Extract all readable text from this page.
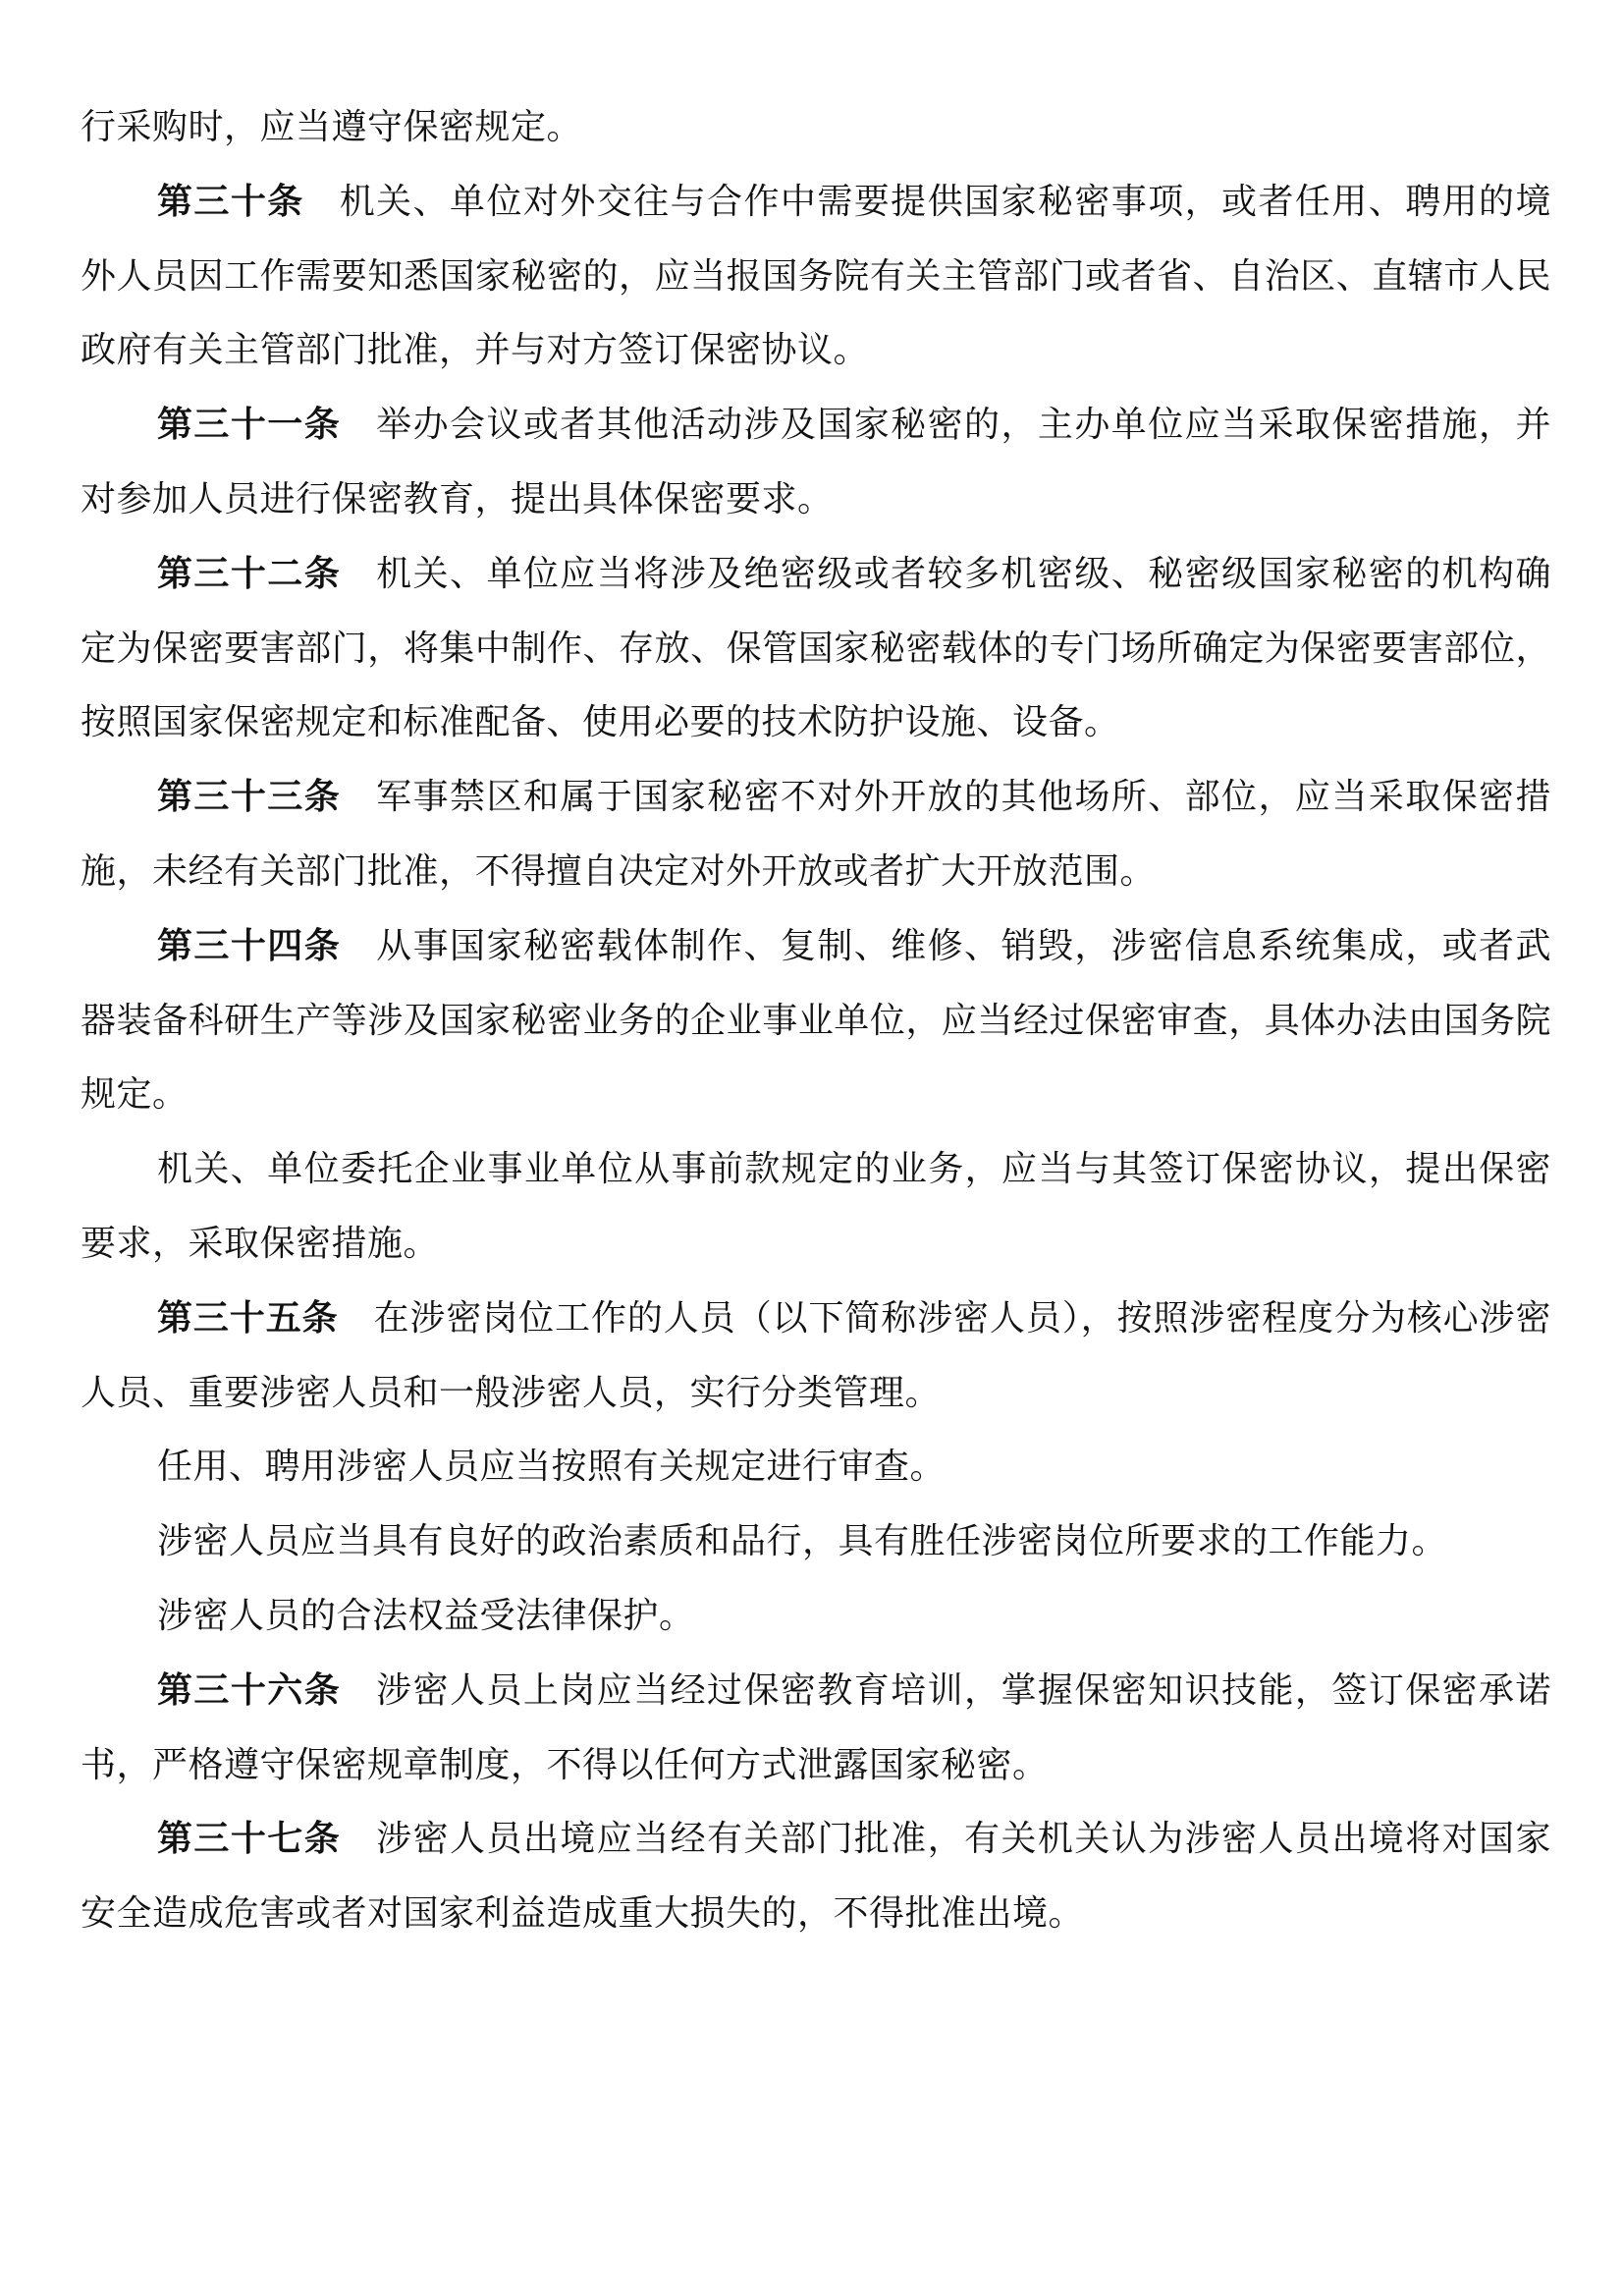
行采购时，应当遵守保密规定。

第三十条 机关、单位对外交往与合作中需要提供国家秘密事项，或者任用、聘用的境外人员因工作需要知悉国家秘密的，应当报国务院有关主管部门或者省、自治区、直辖市人民政府有关主管部门批准，并与对方签订保密协议。

第三十一条 举办会议或者其他活动涉及国家秘密的，主办单位应当采取保密措施，并对参加人员进行保密教育，提出具体保密要求。

第三十二条 机关、单位应当将涉及绝密级或者较多机密级、秘密级国家秘密的机构确定为保密要害部门，将集中制作、存放、保管国家秘密载体的专门场所确定为保密要害部位，按照国家保密规定和标准配备、使用必要的技术防护设施、设备。

第三十三条 军事禁区和属于国家秘密不对外开放的其他场所、部位，应当采取保密措施，未经有关部门批准，不得擅自决定对外开放或者扩大开放范围。

第三十四条 从事国家秘密载体制作、复制、维修、销毁，涉密信息系统集成，或者武器装备科研生产等涉及国家秘密业务的企业事业单位，应当经过保密审查，具体办法由国务院规定。

机关、单位委托企业事业单位从事前款规定的业务，应当与其签订保密协议，提出保密要求，采取保密措施。

第三十五条 在涉密岗位工作的人员（以下简称涉密人员），按照涉密程度分为核心涉密人员、重要涉密人员和一般涉密人员，实行分类管理。

任用、聘用涉密人员应当按照有关规定进行审查。

涉密人员应当具有良好的政治素质和品行，具有胜任涉密岗位所要求的工作能力。

涉密人员的合法权益受法律保护。

第三十六条 涉密人员上岗应当经过保密教育培训，掌握保密知识技能，签订保密承诺书，严格遵守保密规章制度，不得以任何方式泄露国家秘密。

第三十七条 涉密人员出境应当经有关部门批准，有关机关认为涉密人员出境将对国家安全造成危害或者对国家利益造成重大损失的，不得批准出境。
